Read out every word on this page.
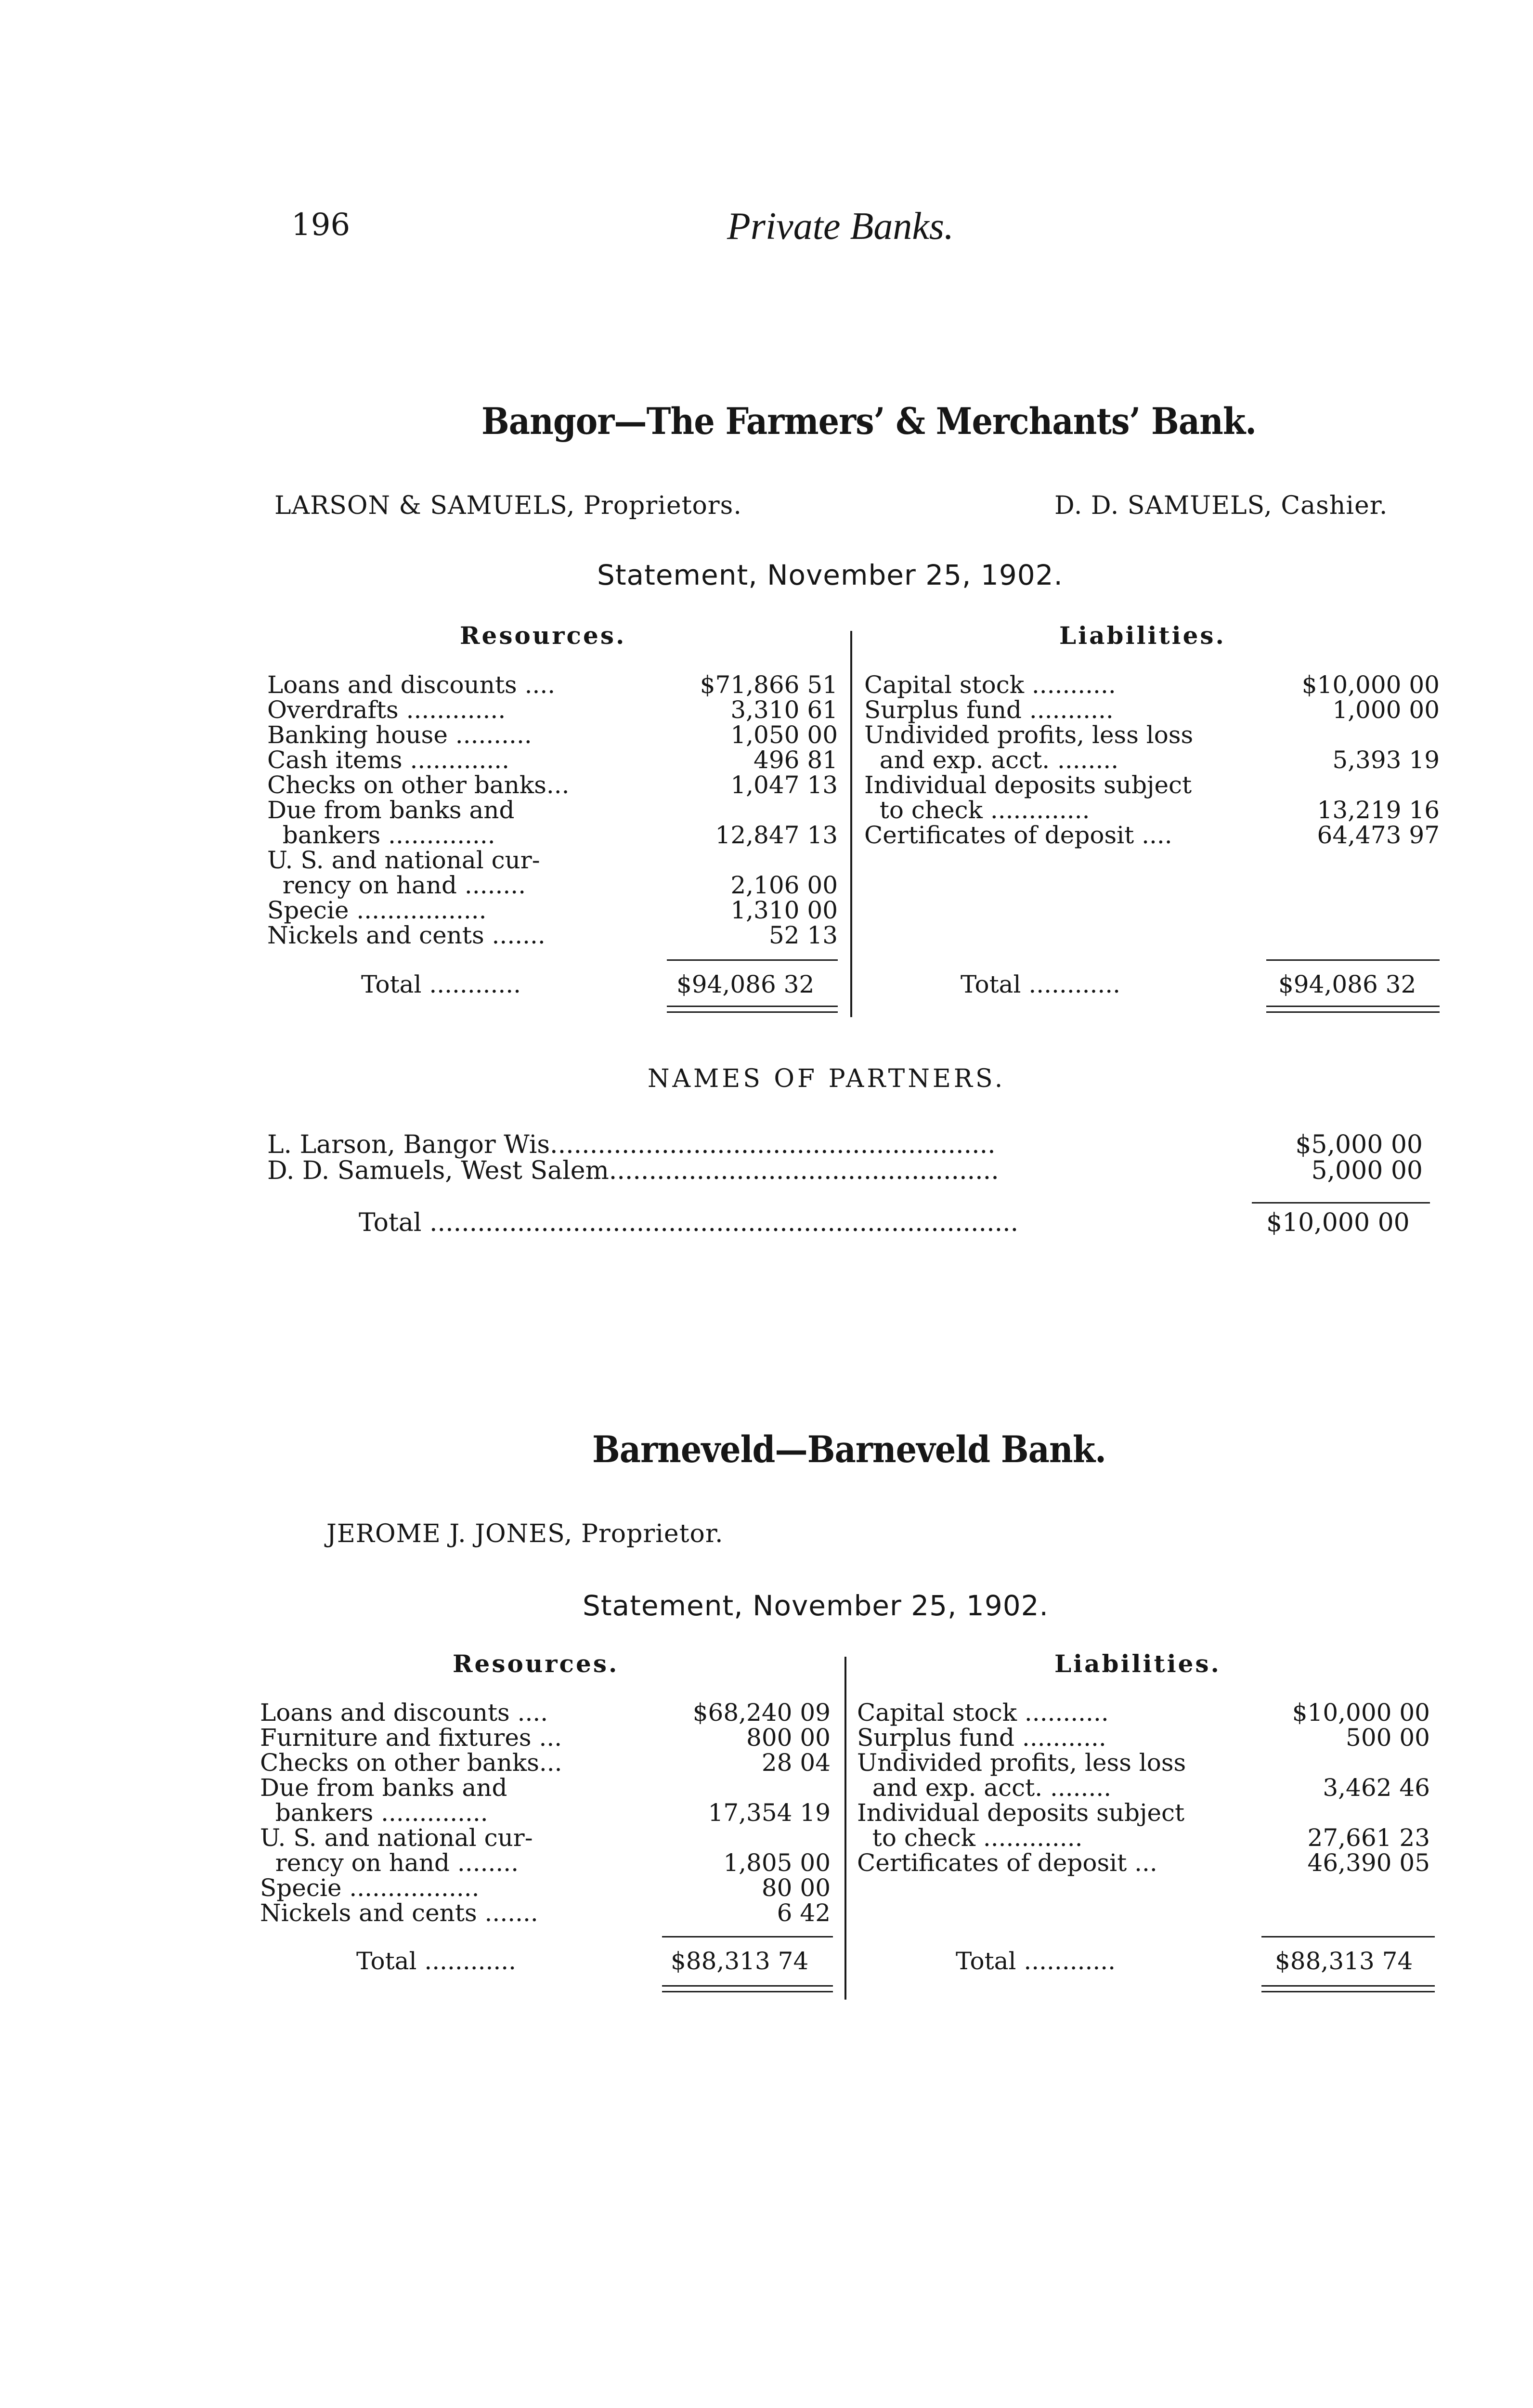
196	Private Banks.
Bangor—The Farmers’ & Merchants’ Bank.
LARSON & SAMUELS, Proprietors.	D. D. SAMUELS, Cashier.
Statement, November 25, 1902.
Resources.	Liabilities.
Loans and discounts ....	$71,866 51
Overdrafts .............	3,310 61
Banking house ..........	1,050 00
Cash items .............	496 81
Checks on other banks...	1,047 13
Due from banks and
bankers ..............	12,847 13
U. S. and national cur-
rency on hand ........	2,106 00
Specie .................	1,310 00
Nickels and cents .......	52 13
Capital stock ...........	$10,000 00
Surplus fund ...........	1,000 00
Undivided profits, less loss
and exp. acct. ........	5,393 19
Individual deposits subject
to check .............	13,219 16
Certificates of deposit ....	64,473 97
Total ............	$94,086 32	Total ............	$94,086 32
NAMES OF PARTNERS.
L. Larson, Bangor Wis........................................................	$5,000 00
D. D. Samuels, West Salem.................................................	5,000 00
Total ..........................................................................	$10,000 00
Barneveld—Barneveld Bank.
JEROME J. JONES, Proprietor.
Statement, November 25, 1902.
Resources.	Liabilities.
Loans and discounts ....	$68,240 09
Furniture and fixtures ...	800 00
Checks on other banks...	28 04
Due from banks and
bankers ..............	17,354 19
U. S. and national cur-
rency on hand ........	1,805 00
Specie .................	80 00
Nickels and cents .......	6 42
Capital stock ...........	$10,000 00
Surplus fund ...........	500 00
Undivided profits, less loss
and exp. acct. ........	3,462 46
Individual deposits subject
to check .............	27,661 23
Certificates of deposit ...	46,390 05
Total ............	$88,313 74	Total ............	$88,313 74
